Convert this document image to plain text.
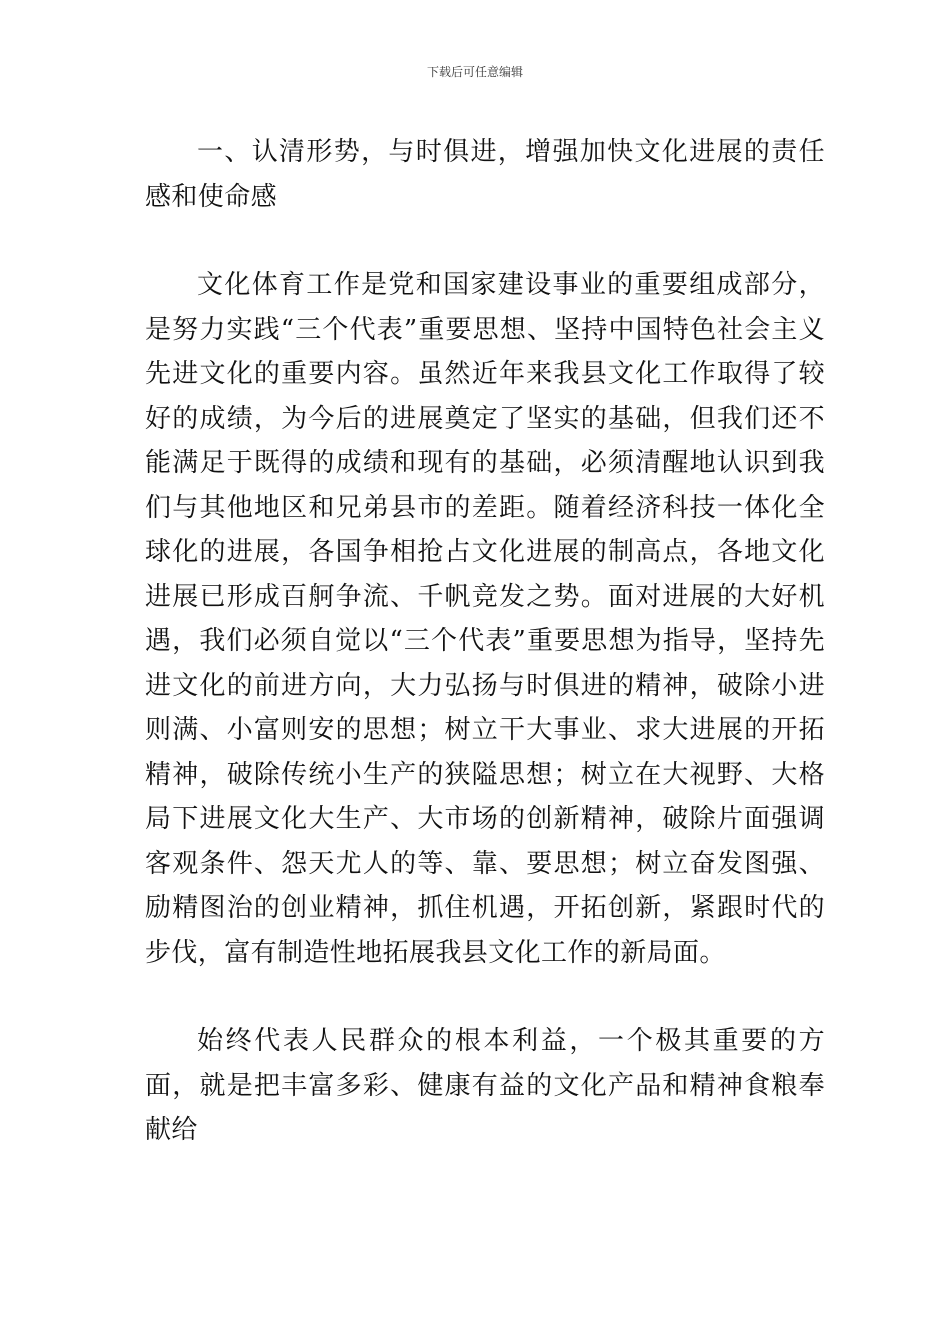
下载后可任意编辑

一、认清形势，与时俱进，增强加快文化进展的责任感和使命感

文化体育工作是党和国家建设事业的重要组成部分，是努力实践“三个代表”重要思想、坚持中国特色社会主义先进文化的重要内容。虽然近年来我县文化工作取得了较好的成绩，为今后的进展奠定了坚实的基础，但我们还不能满足于既得的成绩和现有的基础，必须清醒地认识到我们与其他地区和兄弟县市的差距。随着经济科技一体化全球化的进展，各国争相抢占文化进展的制高点，各地文化进展已形成百舸争流、千帆竞发之势。面对进展的大好机遇，我们必须自觉以“三个代表”重要思想为指导，坚持先进文化的前进方向，大力弘扬与时俱进的精神，破除小进则满、小富则安的思想；树立干大事业、求大进展的开拓精神，破除传统小生产的狭隘思想；树立在大视野、大格局下进展文化大生产、大市场的创新精神，破除片面强调客观条件、怨天尤人的等、靠、要思想；树立奋发图强、励精图治的创业精神，抓住机遇，开拓创新，紧跟时代的步伐，富有制造性地拓展我县文化工作的新局面。

始终代表人民群众的根本利益，一个极其重要的方面，就是把丰富多彩、健康有益的文化产品和精神食粮奉献给
